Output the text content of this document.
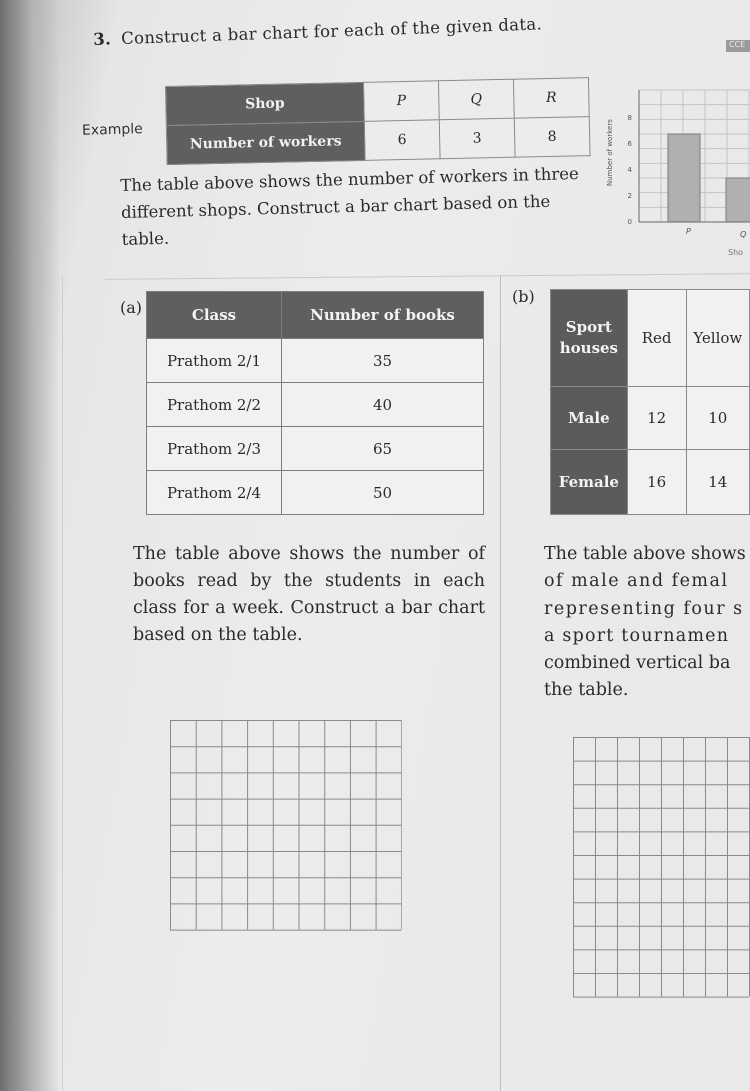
3. Construct a bar chart for each of the given data.	CCE
Example
Shop	P	Q	R
Number of workers	6	3	8
The table above shows the number of workers in three different shops. Construct a bar chart based on the table.
Number of workers
8
6
4
2
0
P	Q
Sho
(a)	Class	Number of books
Prathom 2/1	35
Prathom 2/2	40
Prathom 2/3	65
Prathom 2/4	50
(b)
Sport
houses	Red	Yellow
Male	12	10
Female	16	14
The table above shows the number of books read by the students in each class for a week. Construct a bar chart based on the table.
The table above shows
of male and femal
representing four s
a sport tournamen
combined vertical ba
the table.
